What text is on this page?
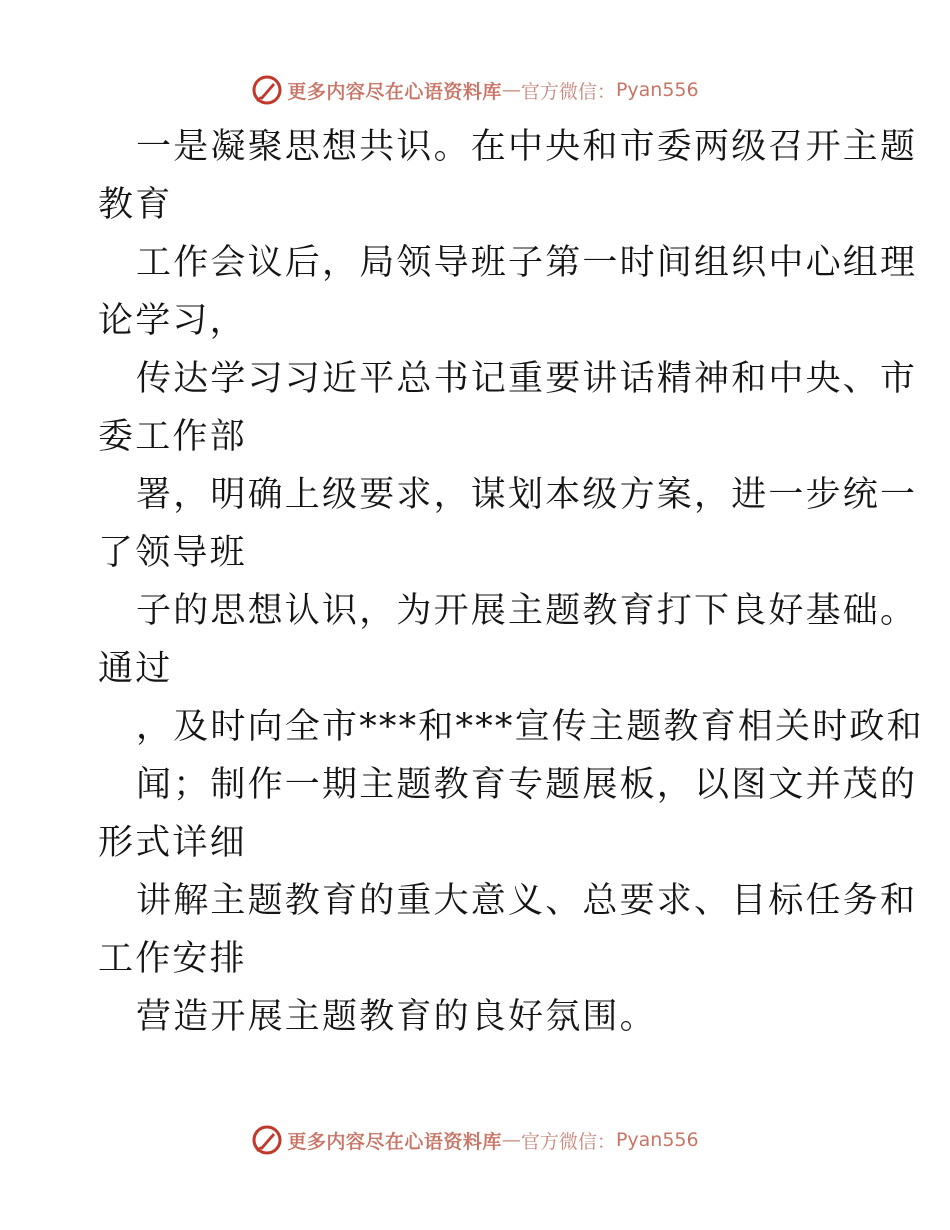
更多内容尽在心语资料库 — 官方微信： Pyan556
一是凝聚思想共识。在中央和市委两级召开主题
教育
工作会议后，局领导班子第一时间组织中心组理
论学习，
传达学习习近平总书记重要讲话精神和中央、市
委工作部
署，明确上级要求，谋划本级方案，进一步统一
了领导班
子的思想认识，为开展主题教育打下良好基础。
通过
，及时向全市***和***宣传主题教育相关时政和
闻；制作一期主题教育专题展板，以图文并茂的
形式详细
讲解主题教育的重大意义、总要求、目标任务和
工作安排
营造开展主题教育的良好氛围。
更多内容尽在心语资料库 — 官方微信： Pyan556
